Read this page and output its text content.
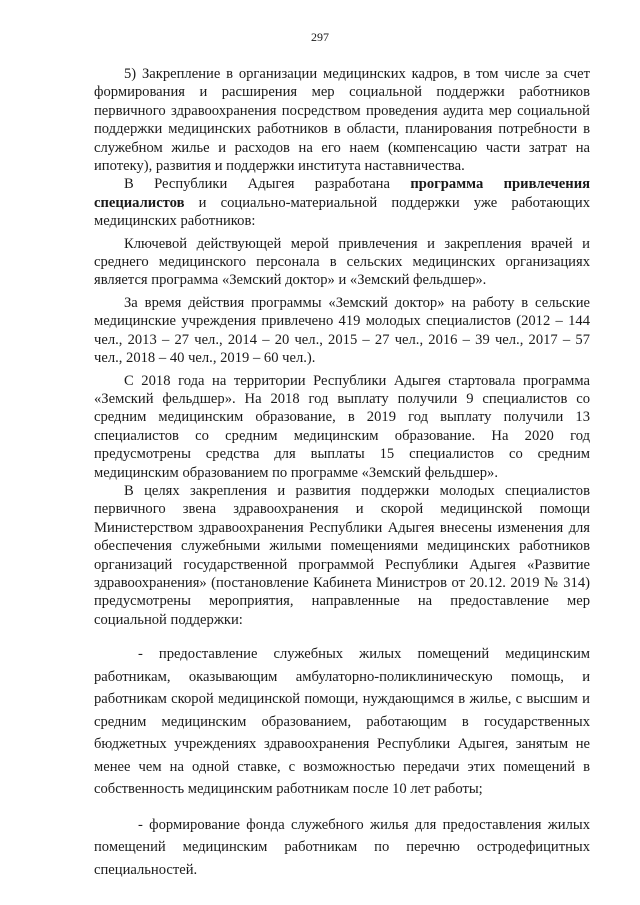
297

5) Закрепление в организации медицинских кадров, в том числе за счет формирования и расширения мер социальной поддержки работников первичного здравоохранения посредством проведения аудита мер социальной поддержки медицинских работников в области, планирования потребности в служебном жилье и расходов на его наем (компенсацию части затрат на ипотеку), развития и поддержки института наставничества.

В Республики Адыгея разработана программа привлечения специалистов и социально-материальной поддержки уже работающих медицинских работников:

Ключевой действующей мерой привлечения и закрепления врачей и среднего медицинского персонала в сельских медицинских организациях является программа «Земский доктор» и «Земский фельдшер».

За время действия программы «Земский доктор» на работу в сельские медицинские учреждения привлечено 419 молодых специалистов (2012 – 144 чел., 2013 – 27 чел., 2014 – 20 чел., 2015 – 27 чел., 2016 – 39 чел., 2017 – 57 чел., 2018 – 40 чел., 2019 – 60 чел.).

С 2018 года на территории Республики Адыгея стартовала программа «Земский фельдшер». На 2018 год выплату получили 9 специалистов со средним медицинским образование, в 2019 год выплату получили 13 специалистов со средним медицинским образование. На 2020 год предусмотрены средства для выплаты 15 специалистов со средним медицинским образованием по программе «Земский фельдшер».

В целях закрепления и развития поддержки молодых специалистов первичного звена здравоохранения и скорой медицинской помощи Министерством здравоохранения Республики Адыгея внесены изменения для обеспечения служебными жилыми помещениями медицинских работников организаций государственной программой Республики Адыгея «Развитие здравоохранения» (постановление Кабинета Министров от 20.12. 2019 № 314) предусмотрены мероприятия, направленные на предоставление мер социальной поддержки:

- предоставление служебных жилых помещений медицинским работникам, оказывающим амбулаторно-поликлиническую помощь, и работникам скорой медицинской помощи, нуждающимся в жилье, с высшим и средним медицинским образованием, работающим в государственных бюджетных учреждениях здравоохранения Республики Адыгея, занятым не менее чем на одной ставке, с возможностью передачи этих помещений в собственность медицинским работникам после 10 лет работы;

- формирование фонда служебного жилья для предоставления жилых помещений медицинским работникам по перечню остродефицитных специальностей.
